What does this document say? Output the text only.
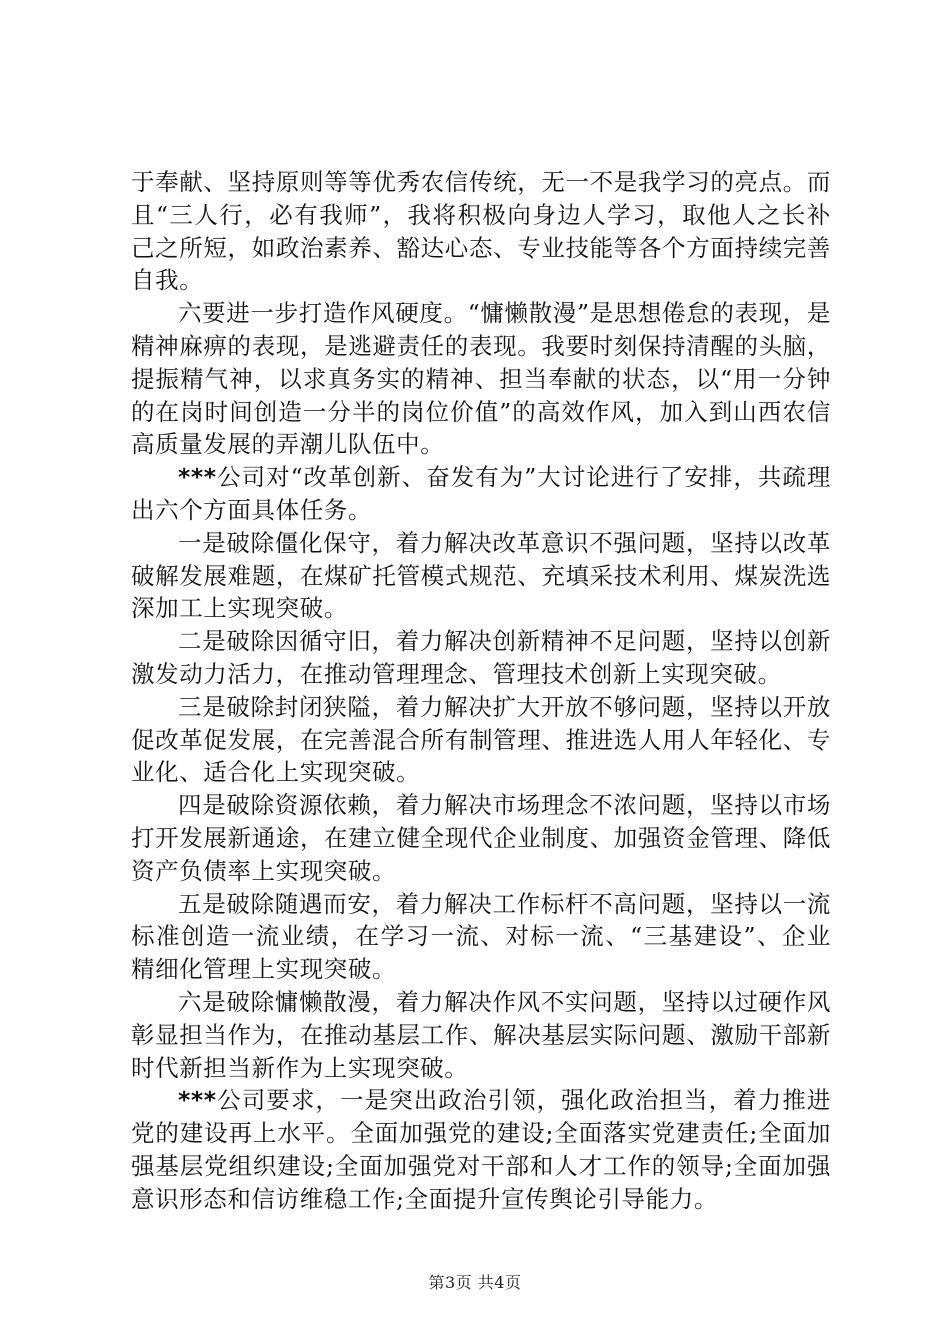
于奉献、坚持原则等等优秀农信传统，无一不是我学习的亮点。而且“三人行，必有我师”，我将积极向身边人学习，取他人之长补己之所短，如政治素养、豁达心态、专业技能等各个方面持续完善自我。

六要进一步打造作风硬度。“慵懒散漫”是思想倦怠的表现，是精神麻痹的表现，是逃避责任的表现。我要时刻保持清醒的头脑，提振精气神，以求真务实的精神、担当奉献的状态，以“用一分钟的在岗时间创造一分半的岗位价值”的高效作风，加入到山西农信高质量发展的弄潮儿队伍中。

***公司对“改革创新、奋发有为”大讨论进行了安排，共疏理出六个方面具体任务。

一是破除僵化保守，着力解决改革意识不强问题，坚持以改革破解发展难题，在煤矿托管模式规范、充填采技术利用、煤炭洗选深加工上实现突破。

二是破除因循守旧，着力解决创新精神不足问题，坚持以创新激发动力活力，在推动管理理念、管理技术创新上实现突破。

三是破除封闭狭隘，着力解决扩大开放不够问题，坚持以开放促改革促发展，在完善混合所有制管理、推进选人用人年轻化、专业化、适合化上实现突破。

四是破除资源依赖，着力解决市场理念不浓问题，坚持以市场打开发展新通途，在建立健全现代企业制度、加强资金管理、降低资产负债率上实现突破。

五是破除随遇而安，着力解决工作标杆不高问题，坚持以一流标准创造一流业绩，在学习一流、对标一流、“三基建设”、企业精细化管理上实现突破。

六是破除慵懒散漫，着力解决作风不实问题，坚持以过硬作风彰显担当作为，在推动基层工作、解决基层实际问题、激励干部新时代新担当新作为上实现突破。

***公司要求，一是突出政治引领，强化政治担当，着力推进党的建设再上水平。全面加强党的建设;全面落实党建责任;全面加强基层党组织建设;全面加强党对干部和人才工作的领导;全面加强意识形态和信访维稳工作;全面提升宣传舆论引导能力。

第3页 共4页
